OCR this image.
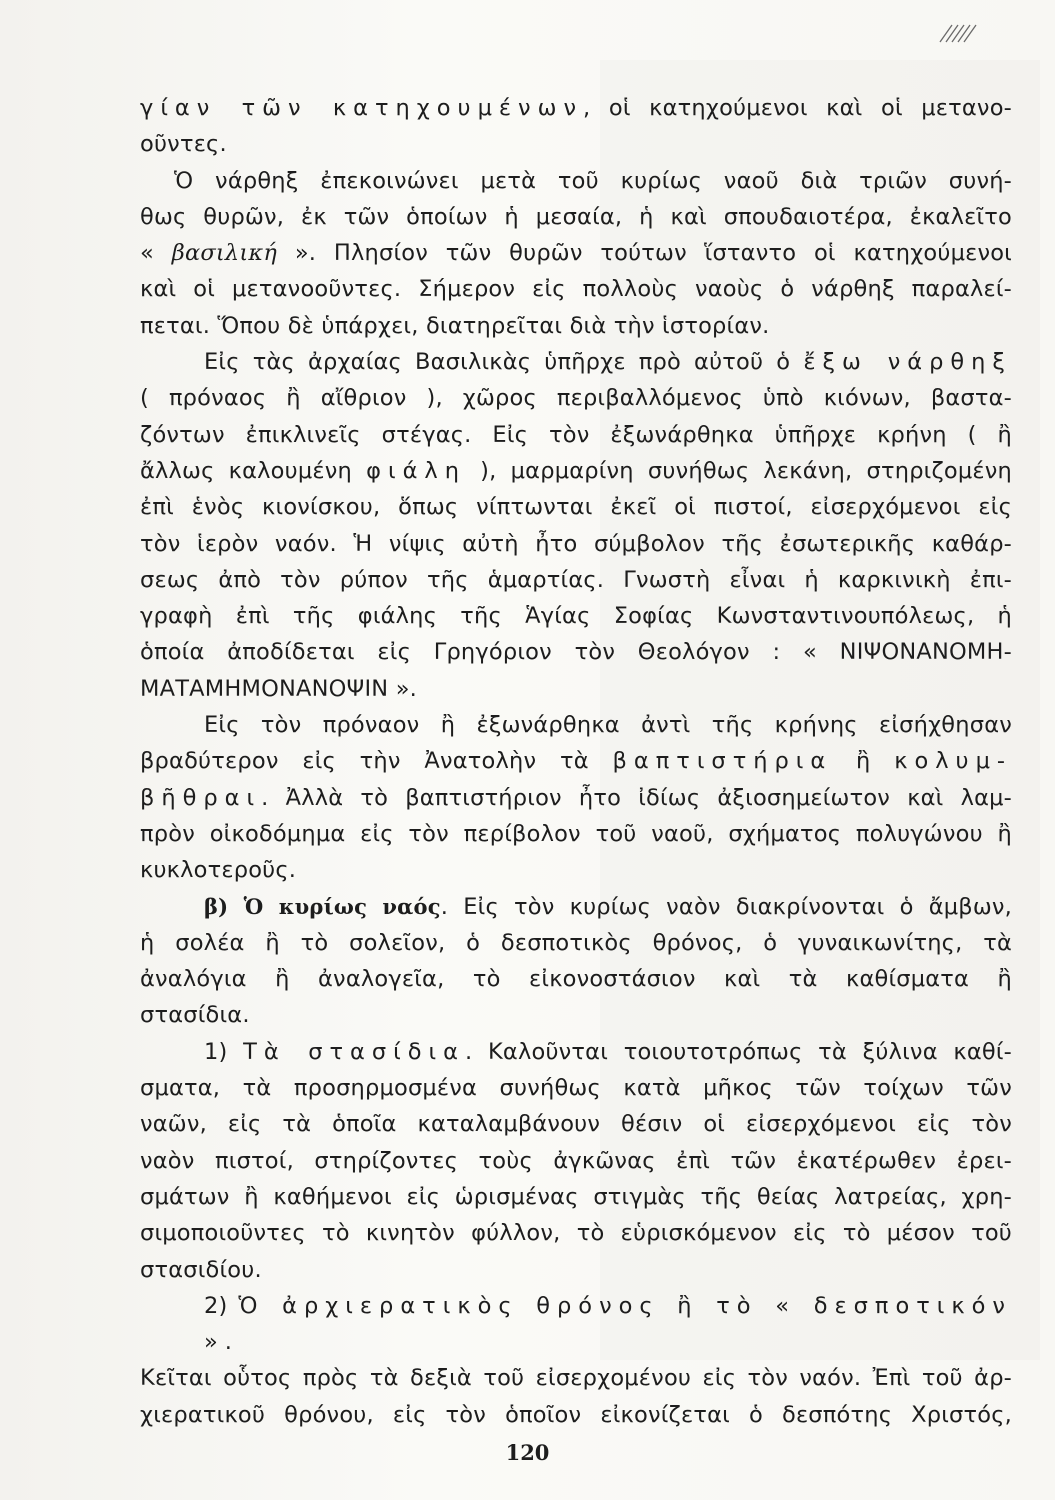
γίαν τῶν κατηχουμένων, οἱ κατηχούμενοι καὶ οἱ μετανο-

οῦντες.

Ὁ νάρθηξ ἐπεκοινώνει μετὰ τοῦ κυρίως ναοῦ διὰ τριῶν συνή-

θως θυρῶν, ἐκ τῶν ὁποίων ἡ μεσαία, ἡ καὶ σπουδαιοτέρα, ἐκαλεῖτο

« βασιλική ». Πλησίον τῶν θυρῶν τούτων ἵσταντο οἱ κατηχούμενοι

καὶ οἱ μετανοοῦντες. Σήμερον εἰς πολλοὺς ναοὺς ὁ νάρθηξ παραλεί-

πεται. Ὅπου δὲ ὑπάρχει, διατηρεῖται διὰ τὴν ἱστορίαν.

Εἰς τὰς ἀρχαίας Βασιλικὰς ὑπῆρχε πρὸ αὐτοῦ ὁ ἔξω νάρθηξ

( πρόναος ἢ αἴθριον ), χῶρος περιβαλλόμενος ὑπὸ κιόνων, βαστα-

ζόντων ἐπικλινεῖς στέγας. Εἰς τὸν ἐξωνάρθηκα ὑπῆρχε κρήνη ( ἢ

ἄλλως καλουμένη φιάλη ), μαρμαρίνη συνήθως λεκάνη, στηριζομένη

ἐπὶ ἑνὸς κιονίσκου, ὅπως νίπτωνται ἐκεῖ οἱ πιστοί, εἰσερχόμενοι εἰς

τὸν ἱερὸν ναόν. Ἡ νίψις αὐτὴ ἦτο σύμβολον τῆς ἐσωτερικῆς καθάρ-

σεως ἀπὸ τὸν ρύπον τῆς ἁμαρτίας. Γνωστὴ εἶναι ἡ καρκινικὴ ἐπι-

γραφὴ ἐπὶ τῆς φιάλης τῆς Ἁγίας Σοφίας Κωνσταντινουπόλεως, ἡ

ὁποία ἀποδίδεται εἰς Γρηγόριον τὸν Θεολόγον : « ΝΙΨΟΝΑΝΟΜΗ-

ΜΑΤΑΜΗΜΟΝΑΝΟΨΙΝ ».

Εἰς τὸν πρόναον ἢ ἐξωνάρθηκα ἀντὶ τῆς κρήνης εἰσήχθησαν

βραδύτερον εἰς τὴν Ἀνατολὴν τὰ βαπτιστήρια ἢ κολυμ-

βῆθραι. Ἀλλὰ τὸ βαπτιστήριον ἦτο ἰδίως ἀξιοσημείωτον καὶ λαμ-

πρὸν οἰκοδόμημα εἰς τὸν περίβολον τοῦ ναοῦ, σχήματος πολυγώνου ἢ

κυκλοτεροῦς.

β) Ὁ κυρίως ναός. Εἰς τὸν κυρίως ναὸν διακρίνονται ὁ ἄμβων,

ἡ σολέα ἢ τὸ σολεῖον, ὁ δεσποτικὸς θρόνος, ὁ γυναικωνίτης, τὰ

ἀναλόγια ἢ ἀναλογεῖα, τὸ εἰκονοστάσιον καὶ τὰ καθίσματα ἢ

στασίδια.

1) Τὰ στασίδια. Καλοῦνται τοιουτοτρόπως τὰ ξύλινα καθί-

σματα, τὰ προσηρμοσμένα συνήθως κατὰ μῆκος τῶν τοίχων τῶν

ναῶν, εἰς τὰ ὁποῖα καταλαμβάνουν θέσιν οἱ εἰσερχόμενοι εἰς τὸν

ναὸν πιστοί, στηρίζοντες τοὺς ἀγκῶνας ἐπὶ τῶν ἑκατέρωθεν ἐρει-

σμάτων ἢ καθήμενοι εἰς ὡρισμένας στιγμὰς τῆς θείας λατρείας, χρη-

σιμοποιοῦντες τὸ κινητὸν φύλλον, τὸ εὑρισκόμενον εἰς τὸ μέσον τοῦ

στασιδίου.

2) Ὁ ἀρχιερατικὸς θρόνος ἢ τὸ « δεσποτικόν ».

Κεῖται οὗτος πρὸς τὰ δεξιὰ τοῦ εἰσερχομένου εἰς τὸν ναόν. Ἐπὶ τοῦ ἀρ-

χιερατικοῦ θρόνου, εἰς τὸν ὁποῖον εἰκονίζεται ὁ δεσπότης Χριστός,

120
